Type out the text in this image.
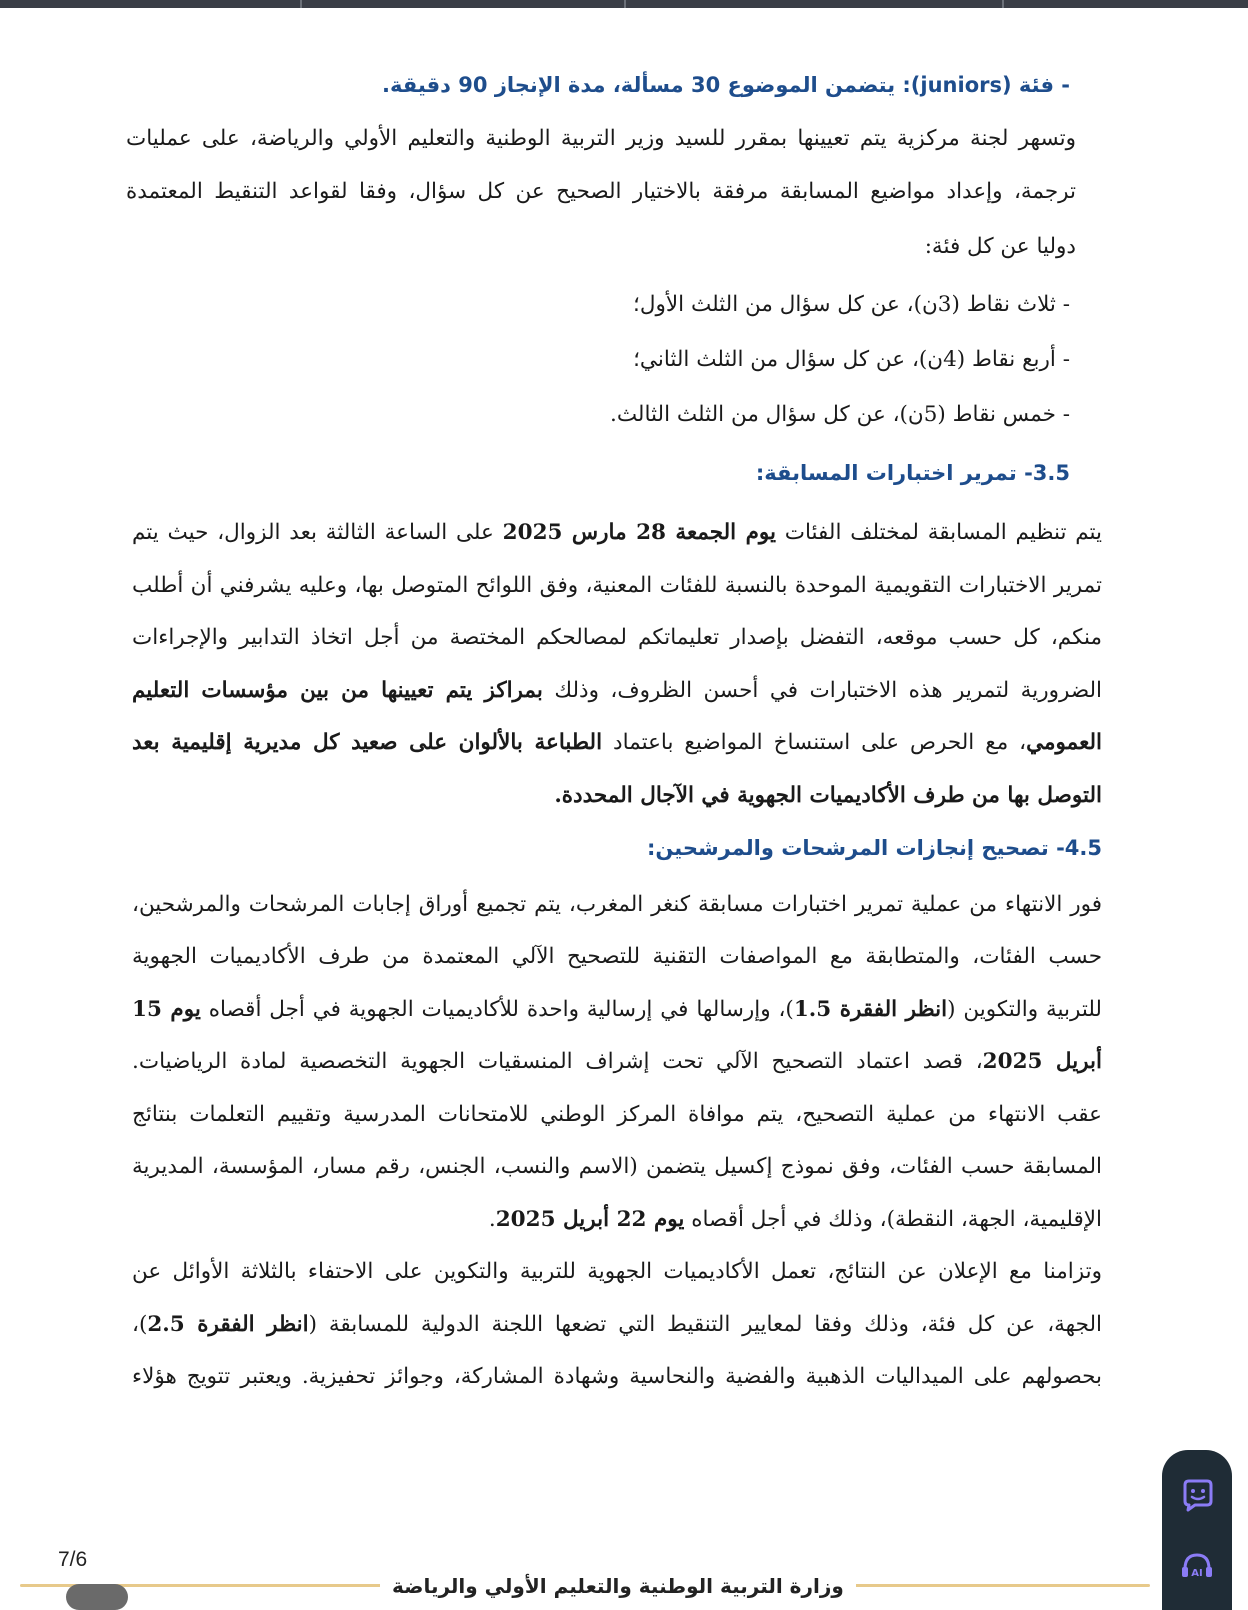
- فئة (juniors): يتضمن الموضوع 30 مسألة، مدة الإنجاز 90 دقيقة.
وتسهر لجنة مركزية يتم تعيينها بمقرر للسيد وزير التربية الوطنية والتعليم الأولي والرياضة، على عمليات
ترجمة، وإعداد مواضيع المسابقة مرفقة بالاختيار الصحيح عن كل سؤال، وفقا لقواعد التنقيط المعتمدة
دوليا عن كل فئة:
- ثلاث نقاط (3ن)، عن كل سؤال من الثلث الأول؛
- أربع نقاط (4ن)، عن كل سؤال من الثلث الثاني؛
- خمس نقاط (5ن)، عن كل سؤال من الثلث الثالث.
3.5- تمرير اختبارات المسابقة:
يتم تنظيم المسابقة لمختلف الفئات يوم الجمعة 28 مارس 2025 على الساعة الثالثة بعد الزوال، حيث يتم
تمرير الاختبارات التقويمية الموحدة بالنسبة للفئات المعنية، وفق اللوائح المتوصل بها، وعليه يشرفني أن أطلب
منكم، كل حسب موقعه، التفضل بإصدار تعليماتكم لمصالحكم المختصة من أجل اتخاذ التدابير والإجراءات
الضرورية لتمرير هذه الاختبارات في أحسن الظروف، وذلك بمراكز يتم تعيينها من بين مؤسسات التعليم
العمومي، مع الحرص على استنساخ المواضيع باعتماد الطباعة بالألوان على صعيد كل مديرية إقليمية بعد
التوصل بها من طرف الأكاديميات الجهوية في الآجال المحددة.
4.5- تصحيح إنجازات المرشحات والمرشحين:
فور الانتهاء من عملية تمرير اختبارات مسابقة كنغر المغرب، يتم تجميع أوراق إجابات المرشحات والمرشحين،
حسب الفئات، والمتطابقة مع المواصفات التقنية للتصحيح الآلي المعتمدة من طرف الأكاديميات الجهوية
للتربية والتكوين (انظر الفقرة 1.5)، وإرسالها في إرسالية واحدة للأكاديميات الجهوية في أجل أقصاه يوم 15
أبريل 2025، قصد اعتماد التصحيح الآلي تحت إشراف المنسقيات الجهوية التخصصية لمادة الرياضيات.
عقب الانتهاء من عملية التصحيح، يتم موافاة المركز الوطني للامتحانات المدرسية وتقييم التعلمات بنتائج
المسابقة حسب الفئات، وفق نموذج إكسيل يتضمن (الاسم والنسب، الجنس، رقم مسار، المؤسسة، المديرية
الإقليمية، الجهة، النقطة)، وذلك في أجل أقصاه يوم 22 أبريل 2025.
وتزامنا مع الإعلان عن النتائج، تعمل الأكاديميات الجهوية للتربية والتكوين على الاحتفاء بالثلاثة الأوائل عن
الجهة، عن كل فئة، وذلك وفقا لمعايير التنقيط التي تضعها اللجنة الدولية للمسابقة (انظر الفقرة 2.5)،
بحصولهم على الميداليات الذهبية والفضية والنحاسية وشهادة المشاركة، وجوائز تحفيزية. ويعتبر تتويج هؤلاء
7/6
وزارة التربية الوطنية والتعليم الأولي والرياضة
AI
